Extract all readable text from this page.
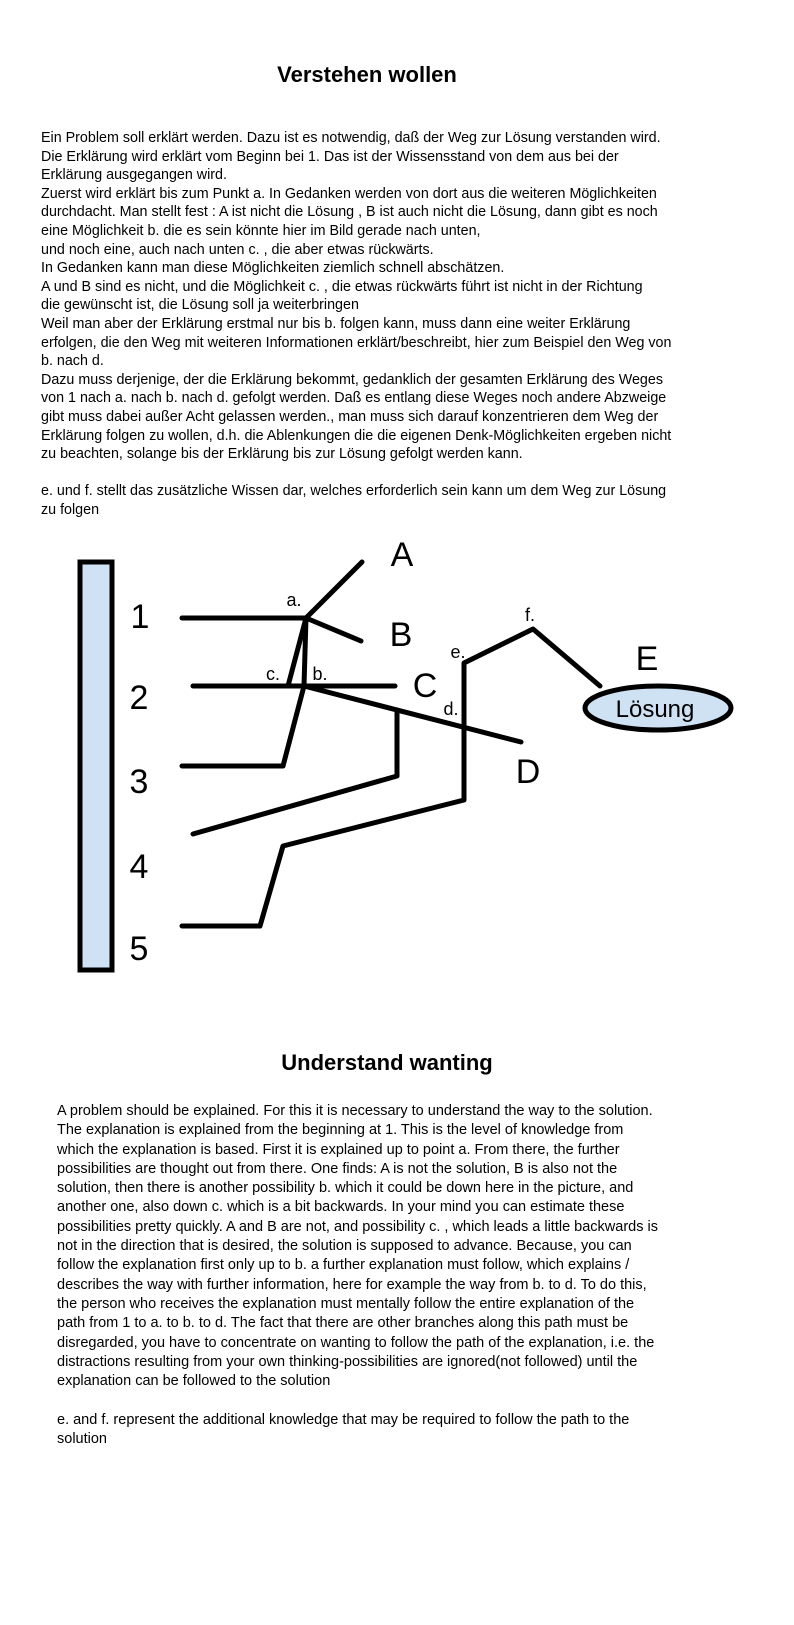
Verstehen wollen

Ein Problem soll erklärt werden. Dazu ist es notwendig, daß der Weg zur Lösung verstanden wird.
Die Erklärung wird erklärt vom Beginn bei 1. Das ist der Wissensstand von dem aus bei der
Erklärung ausgegangen wird.
Zuerst wird erklärt bis zum Punkt a. In Gedanken werden von dort aus die weiteren Möglichkeiten
durchdacht. Man stellt fest : A ist nicht die Lösung , B ist auch nicht die Lösung, dann gibt es noch
eine Möglichkeit b. die es sein könnte hier im Bild gerade nach unten,
und noch eine, auch nach unten c. , die aber etwas rückwärts.
In Gedanken kann man diese Möglichkeiten ziemlich schnell abschätzen.
A und B sind es nicht, und die Möglichkeit c. , die etwas rückwärts führt ist nicht in der Richtung
die gewünscht ist, die Lösung soll ja weiterbringen
Weil man aber der Erklärung erstmal nur bis b. folgen kann, muss dann eine weiter Erklärung
erfolgen, die den Weg mit weiteren Informationen erklärt/beschreibt, hier zum Beispiel den Weg von
b. nach d.
Dazu muss derjenige, der die Erklärung bekommt, gedanklich der gesamten Erklärung des Weges
von 1 nach a. nach b. nach d. gefolgt werden. Daß es entlang diese Weges noch andere Abzweige
gibt muss dabei außer Acht gelassen werden., man muss sich darauf konzentrieren dem Weg der
Erklärung folgen zu wollen, d.h. die Ablenkungen die die eigenen Denk-Möglichkeiten ergeben nicht
zu beachten, solange bis der Erklärung bis zur Lösung gefolgt werden kann.

e. und f. stellt das zusätzliche Wissen dar, welches erforderlich sein kann um dem Weg zur Lösung
zu folgen

Lösung
1
2
3
4
5
A
B
C
D
E
a.
b.
c.
d.
e.
f.
Understand wanting

A problem should be explained. For this it is necessary to understand the way to the solution.
The explanation is explained from the beginning at 1. This is the level of knowledge from
which the explanation is based. First it is explained up to point a. From there, the further
possibilities are thought out from there. One finds: A is not the solution, B is also not the
solution, then there is another possibility b. which it could be down here in the picture, and
another one, also down c. which is a bit backwards. In your mind you can estimate these
possibilities pretty quickly. A and B are not, and possibility c. , which leads a little backwards is
not in the direction that is desired, the solution is supposed to advance. Because, you can
follow the explanation first only up to b. a further explanation must follow, which explains /
describes the way with further information, here for example the way from b. to d. To do this,
the person who receives the explanation must mentally follow the entire explanation of the
path from 1 to a. to b. to d. The fact that there are other branches along this path must be
disregarded, you have to concentrate on wanting to follow the path of the explanation, i.e. the
distractions resulting from your own thinking-possibilities are ignored(not followed) until the
explanation can be followed to the solution

e. and f. represent the additional knowledge that may be required to follow the path to the
solution
